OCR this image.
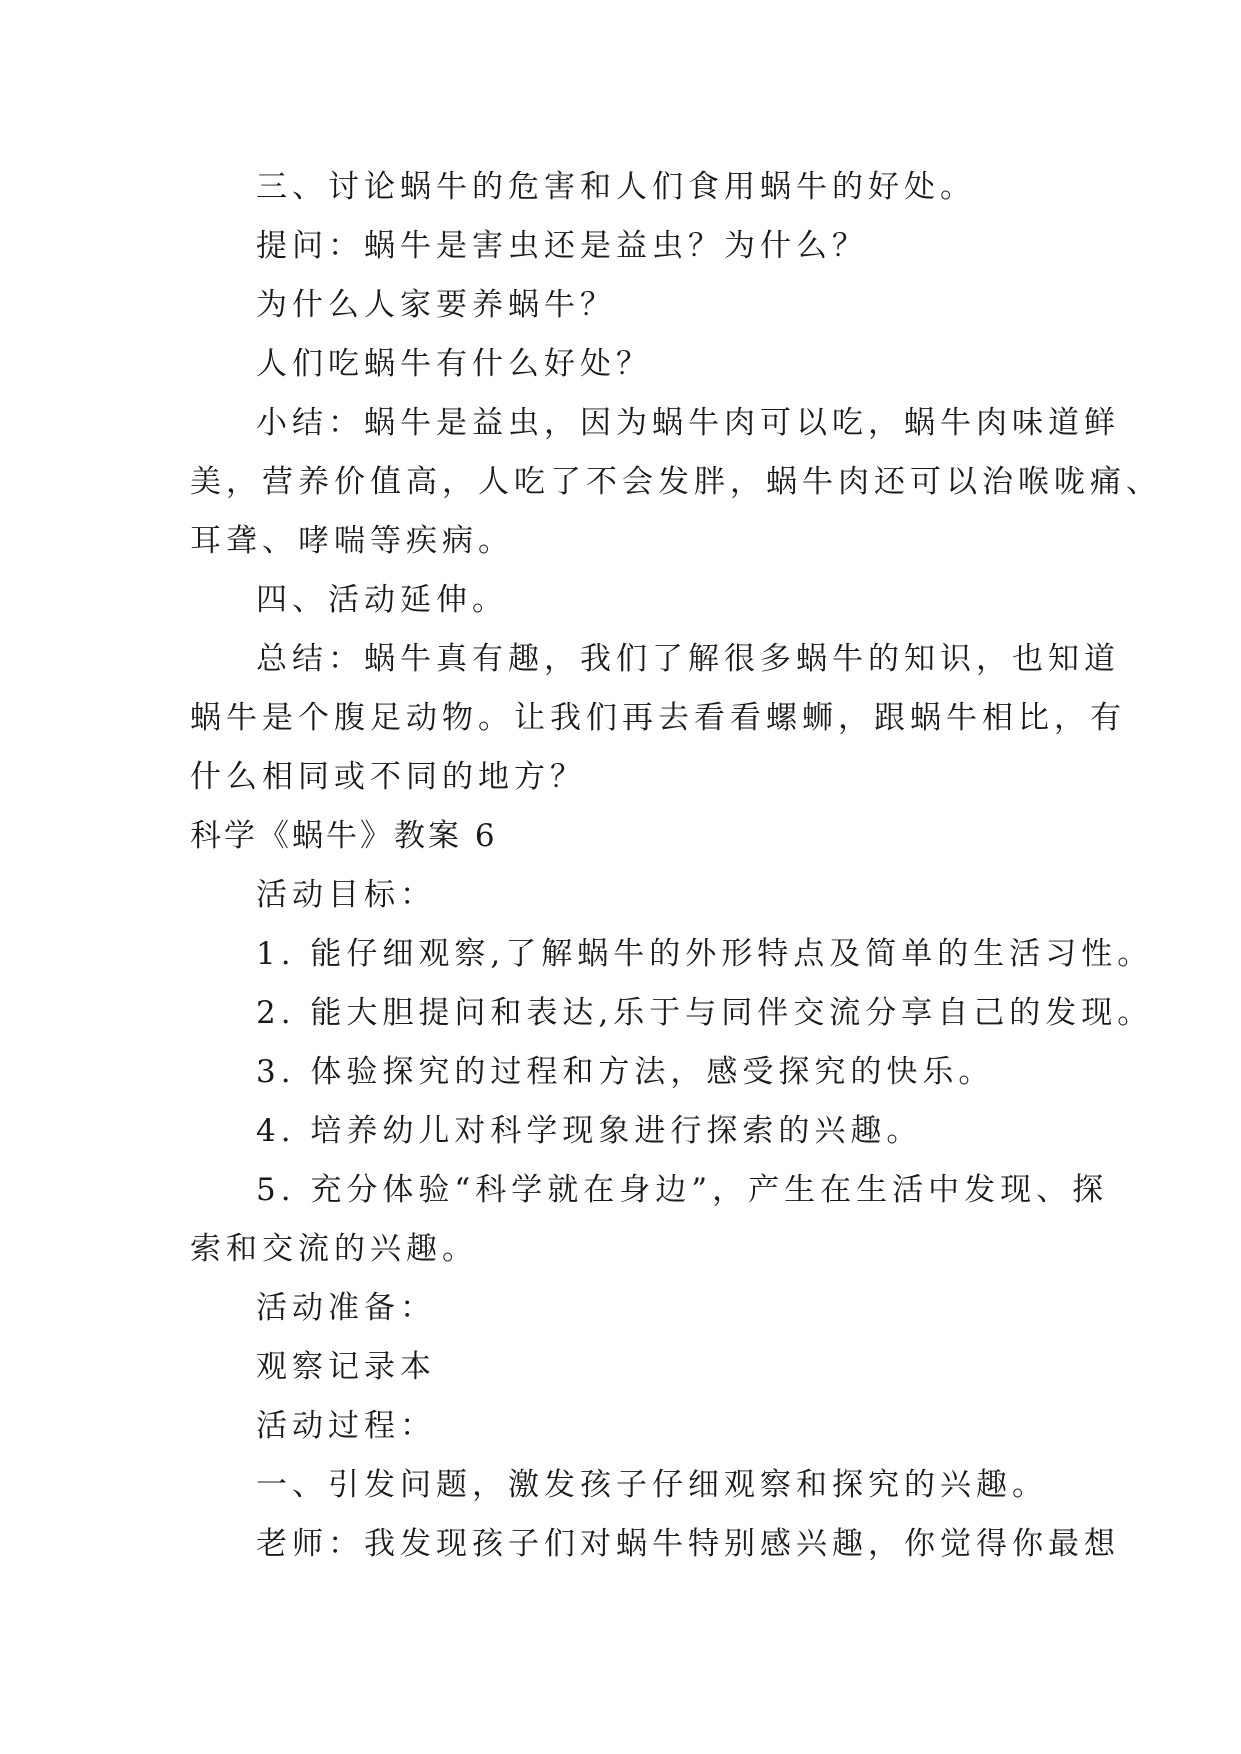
三、讨论蜗牛的危害和人们食用蜗牛的好处。

提问：蜗牛是害虫还是益虫？为什么？

为什么人家要养蜗牛？

人们吃蜗牛有什么好处？

小结：蜗牛是益虫，因为蜗牛肉可以吃，蜗牛肉味道鲜

美，营养价值高，人吃了不会发胖，蜗牛肉还可以治喉咙痛、

耳聋、哮喘等疾病。

四、活动延伸。

总结：蜗牛真有趣，我们了解很多蜗牛的知识，也知道

蜗牛是个腹足动物。让我们再去看看螺蛳，跟蜗牛相比，有

什么相同或不同的地方？

科学《蜗牛》教案 6

活动目标：

1. 能仔细观察,了解蜗牛的外形特点及简单的生活习性。

2. 能大胆提问和表达,乐于与同伴交流分享自己的发现。

3. 体验探究的过程和方法，感受探究的快乐。

4. 培养幼儿对科学现象进行探索的兴趣。

5. 充分体验“科学就在身边”，产生在生活中发现、探

索和交流的兴趣。

活动准备：

观察记录本

活动过程：

一、引发问题，激发孩子仔细观察和探究的兴趣。

老师：我发现孩子们对蜗牛特别感兴趣，你觉得你最想
